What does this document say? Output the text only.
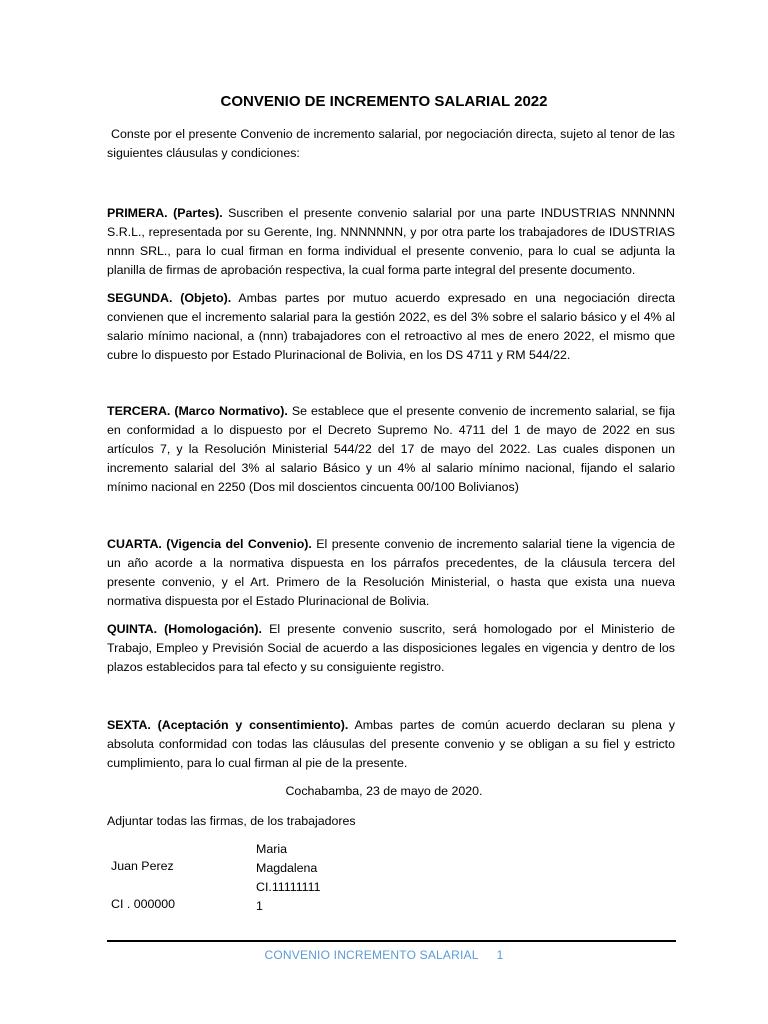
CONVENIO DE INCREMENTO SALARIAL 2022

Conste por el presente Convenio de incremento salarial, por negociación directa, sujeto al tenor de las siguientes cláusulas y condiciones:

PRIMERA. (Partes). Suscriben el presente convenio salarial por una parte INDUSTRIAS NNNNNN S.R.L., representada por su Gerente, Ing. NNNNNNN, y por otra parte los trabajadores de IDUSTRIAS nnnn SRL., para lo cual firman en forma individual el presente convenio, para lo cual se adjunta la planilla de firmas de aprobación respectiva, la cual forma parte integral del presente documento.

SEGUNDA. (Objeto). Ambas partes por mutuo acuerdo expresado en una negociación directa convienen que el incremento salarial para la gestión 2022, es del 3% sobre el salario básico y el 4% al salario mínimo nacional, a (nnn) trabajadores con el retroactivo al mes de enero 2022, el mismo que cubre lo dispuesto por Estado Plurinacional de Bolivia, en los DS 4711 y RM 544/22.

TERCERA. (Marco Normativo). Se establece que el presente convenio de incremento salarial, se fija en conformidad a lo dispuesto por el Decreto Supremo No. 4711 del 1 de mayo de 2022 en sus artículos 7, y la Resolución Ministerial 544/22 del 17 de mayo del 2022. Las cuales disponen un incremento salarial del 3% al salario Básico y un 4% al salario mínimo nacional, fijando el salario mínimo nacional en 2250 (Dos mil doscientos cincuenta 00/100 Bolivianos)

CUARTA. (Vigencia del Convenio). El presente convenio de incremento salarial tiene la vigencia de un año acorde a la normativa dispuesta en los párrafos precedentes, de la cláusula tercera del presente convenio, y el Art. Primero de la Resolución Ministerial, o hasta que exista una nueva normativa dispuesta por el Estado Plurinacional de Bolivia.

QUINTA. (Homologación). El presente convenio suscrito, será homologado por el Ministerio de Trabajo, Empleo y Previsión Social de acuerdo a las disposiciones legales en vigencia y dentro de los plazos establecidos para tal efecto y su consiguiente registro.

SEXTA. (Aceptación y consentimiento). Ambas partes de común acuerdo declaran su plena y absoluta conformidad con todas las cláusulas del presente convenio y se obligan a su fiel y estricto cumplimiento, para lo cual firman al pie de la presente.

Cochabamba, 23 de mayo de 2020.
Adjuntar todas las firmas, de los trabajadores
Juan Perez
CI . 000000
Maria
Magdalena
CI.11111111
1
CONVENIO INCREMENTO SALARIAL 1
